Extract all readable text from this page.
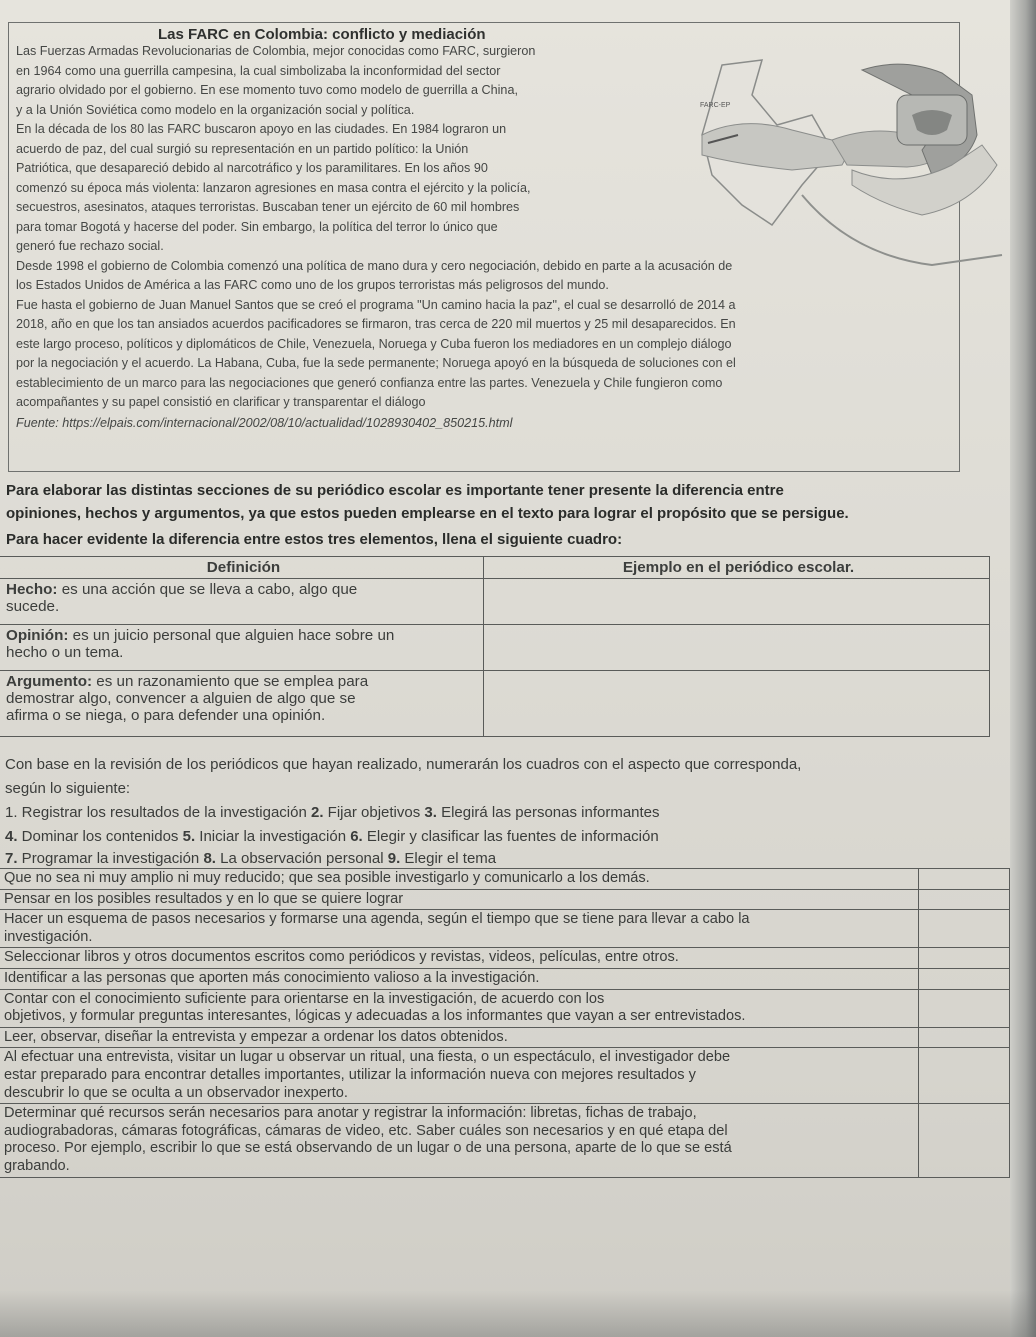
Las FARC en Colombia: conflicto y mediación
FARC-EP

Las Fuerzas Armadas Revolucionarias de Colombia, mejor conocidas como FARC, surgieron

en 1964 como una guerrilla campesina, la cual simbolizaba la inconformidad del sector

agrario olvidado por el gobierno. En ese momento tuvo como modelo de guerrilla a China,

y a la Unión Soviética como modelo en la organización social y política.

En la década de los 80 las FARC buscaron apoyo en las ciudades. En 1984 lograron un

acuerdo de paz, del cual surgió su representación en un partido político: la Unión

Patriótica, que desapareció debido al narcotráfico y los paramilitares. En los años 90

comenzó su época más violenta: lanzaron agresiones en masa contra el ejército y la policía,

secuestros, asesinatos, ataques terroristas. Buscaban tener un ejército de 60 mil hombres

para tomar Bogotá y hacerse del poder. Sin embargo, la política del terror lo único que

generó fue rechazo social.

Desde 1998 el gobierno de Colombia comenzó una política de mano dura y cero negociación, debido en parte a la acusación de

los Estados Unidos de América a las FARC como uno de los grupos terroristas más peligrosos del mundo.

Fue hasta el gobierno de Juan Manuel Santos que se creó el programa "Un camino hacia la paz", el cual se desarrolló de 2014 a

2018, año en que los tan ansiados acuerdos pacificadores se firmaron, tras cerca de 220 mil muertos y 25 mil desaparecidos. En

este largo proceso, políticos y diplomáticos de Chile, Venezuela, Noruega y Cuba fueron los mediadores en un complejo diálogo

por la negociación y el acuerdo. La Habana, Cuba, fue la sede permanente; Noruega apoyó en la búsqueda de soluciones con el

establecimiento de un marco para las negociaciones que generó confianza entre las partes. Venezuela y Chile fungieron como

acompañantes y su papel consistió en clarificar y transparentar el diálogo

Fuente: https://elpais.com/internacional/2002/08/10/actualidad/1028930402_850215.html

Para elaborar las distintas secciones de su periódico escolar es importante tener presente la diferencia entre
opiniones, hechos y argumentos, ya que estos pueden emplearse en el texto para lograr el propósito que se persigue.
Para hacer evidente la diferencia entre estos tres elementos, llena el siguiente cuadro:
Definición	Ejemplo en el periódico escolar.
Hecho: es una acción que se lleva a cabo, algo que
sucede.	
Opinión: es un juicio personal que alguien hace sobre un
hecho o un tema.	
Argumento: es un razonamiento que se emplea para
demostrar algo, convencer a alguien de algo que se
afirma o se niega, o para defender una opinión.	
Con base en la revisión de los periódicos que hayan realizado, numerarán los cuadros con el aspecto que corresponda,
según lo siguiente:
1. Registrar los resultados de la investigación 2. Fijar objetivos 3. Elegirá las personas informantes
4. Dominar los contenidos 5. Iniciar la investigación 6. Elegir y clasificar las fuentes de información
7. Programar la investigación 8. La observación personal 9. Elegir el tema
Que no sea ni muy amplio ni muy reducido; que sea posible investigarlo y comunicarlo a los demás.	
Pensar en los posibles resultados y en lo que se quiere lograr	
Hacer un esquema de pasos necesarios y formarse una agenda, según el tiempo que se tiene para llevar a cabo la
investigación.	
Seleccionar libros y otros documentos escritos como periódicos y revistas, videos, películas, entre otros.	
Identificar a las personas que aporten más conocimiento valioso a la investigación.	
Contar con el conocimiento suficiente para orientarse en la investigación, de acuerdo con los
objetivos, y formular preguntas interesantes, lógicas y adecuadas a los informantes que vayan a ser entrevistados.	
Leer, observar, diseñar la entrevista y empezar a ordenar los datos obtenidos.	
Al efectuar una entrevista, visitar un lugar u observar un ritual, una fiesta, o un espectáculo, el investigador debe
estar preparado para encontrar detalles importantes, utilizar la información nueva con mejores resultados y
descubrir lo que se oculta a un observador inexperto.	
Determinar qué recursos serán necesarios para anotar y registrar la información: libretas, fichas de trabajo,
audiograbadoras, cámaras fotográficas, cámaras de video, etc. Saber cuáles son necesarios y en qué etapa del
proceso. Por ejemplo, escribir lo que se está observando de un lugar o de una persona, aparte de lo que se está
grabando.	
